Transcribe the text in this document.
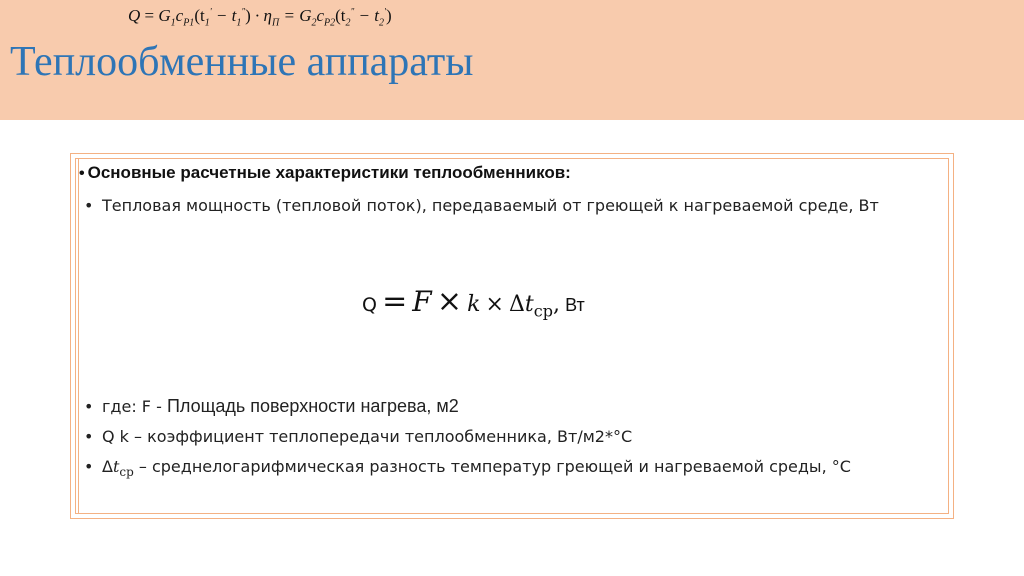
$Q = G_1c_{P1}(t_1' - t_1^") \cdot \eta_П = G_2c_{P2}(t_2^" - t_2')$
Теплообменные аппараты
• Основные расчетные характеристики теплообменников:
• Тепловая мощность (тепловой поток), передаваемый от греющей к нагреваемой среде, Вт
$Q = F \times k \times \Delta t_{ср}$, Вт
• где: F - Площадь поверхности нагрева, м2
• Q k – коэффициент теплопередачи теплообменника, Вт/м2*°C
• $\Delta t_{ср}$ – среднелогарифмическая разность температур греющей и нагреваемой среды, °C
